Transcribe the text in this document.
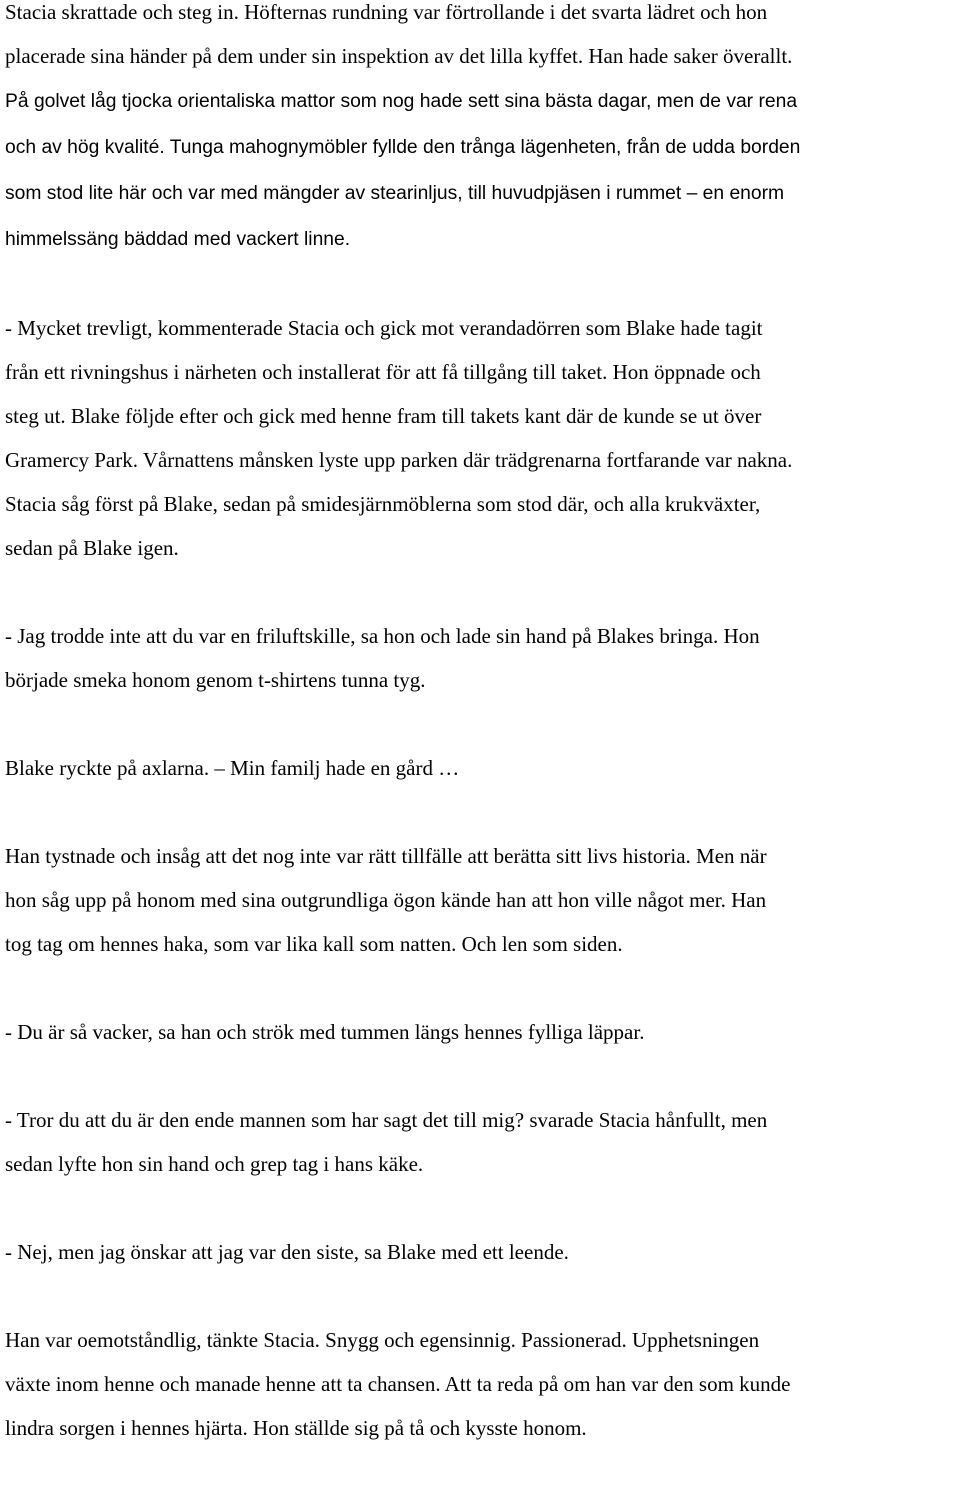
Stacia skrattade och steg in. Höfternas rundning var förtrollande i det svarta lädret och hon
placerade sina händer på dem under sin inspektion av det lilla kyffet. Han hade saker överallt.
På golvet låg tjocka orientaliska mattor som nog hade sett sina bästa dagar, men de var rena
och av hög kvalité. Tunga mahognymöbler fyllde den trånga lägenheten, från de udda borden
som stod lite här och var med mängder av stearinljus, till huvudpjäsen i rummet – en enorm
himmelssäng bäddad med vackert linne.

- Mycket trevligt, kommenterade Stacia och gick mot verandadörren som Blake hade tagit
från ett rivningshus i närheten och installerat för att få tillgång till taket. Hon öppnade och
steg ut. Blake följde efter och gick med henne fram till takets kant där de kunde se ut över
Gramercy Park. Vårnattens månsken lyste upp parken där trädgrenarna fortfarande var nakna.
Stacia såg först på Blake, sedan på smidesjärnmöblerna som stod där, och alla krukväxter,
sedan på Blake igen.

- Jag trodde inte att du var en friluftskille, sa hon och lade sin hand på Blakes bringa. Hon
började smeka honom genom t-shirtens tunna tyg.

Blake ryckte på axlarna. – Min familj hade en gård …

Han tystnade och insåg att det nog inte var rätt tillfälle att berätta sitt livs historia. Men när
hon såg upp på honom med sina outgrundliga ögon kände han att hon ville något mer. Han
tog tag om hennes haka, som var lika kall som natten. Och len som siden.

- Du är så vacker, sa han och strök med tummen längs hennes fylliga läppar.

- Tror du att du är den ende mannen som har sagt det till mig? svarade Stacia hånfullt, men
sedan lyfte hon sin hand och grep tag i hans käke.

- Nej, men jag önskar att jag var den siste, sa Blake med ett leende.

Han var oemotståndlig, tänkte Stacia. Snygg och egensinnig. Passionerad. Upphetsningen
växte inom henne och manade henne att ta chansen. Att ta reda på om han var den som kunde
lindra sorgen i hennes hjärta. Hon ställde sig på tå och kysste honom.
